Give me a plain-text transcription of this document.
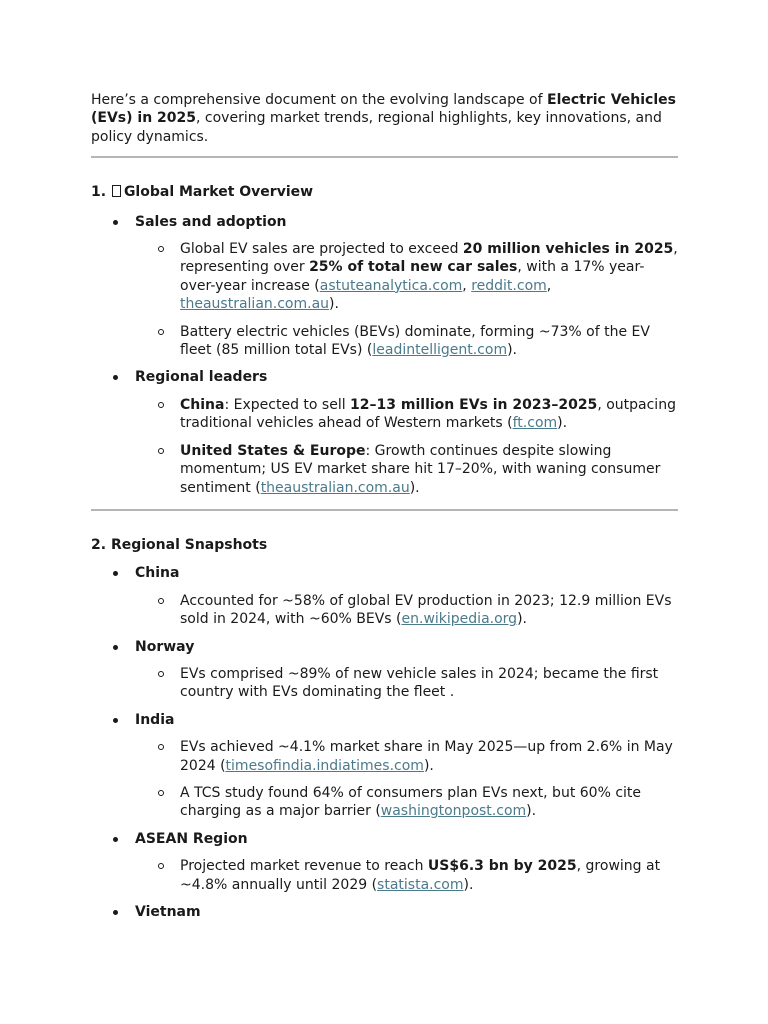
Here’s a comprehensive document on the evolving landscape of Electric Vehicles (EVs) in 2025, covering market trends, regional highlights, key innovations, and policy dynamics.

1. Global Market Overview

Sales and adoption
Global EV sales are projected to exceed 20 million vehicles in 2025, representing over 25% of total new car sales, with a 17% year-over-year increase (astuteanalytica.com, reddit.com, theaustralian.com.au).
Battery electric vehicles (BEVs) dominate, forming ~73% of the EV fleet (85 million total EVs) (leadintelligent.com).
Regional leaders
China: Expected to sell 12–13 million EVs in 2023–2025, outpacing traditional vehicles ahead of Western markets (ft.com).
United States & Europe: Growth continues despite slowing momentum; US EV market share hit 17–20%, with waning consumer sentiment (theaustralian.com.au).

2. Regional Snapshots

China
Accounted for ~58% of global EV production in 2023; 12.9 million EVs sold in 2024, with ~60% BEVs (en.wikipedia.org).
Norway
EVs comprised ~89% of new vehicle sales in 2024; became the first country with EVs dominating the fleet .
India
EVs achieved ~4.1% market share in May 2025—up from 2.6% in May 2024 (timesofindia.indiatimes.com).
A TCS study found 64% of consumers plan EVs next, but 60% cite charging as a major barrier (washingtonpost.com).
ASEAN Region
Projected market revenue to reach US$6.3 bn by 2025, growing at ~4.8% annually until 2029 (statista.com).
Vietnam
